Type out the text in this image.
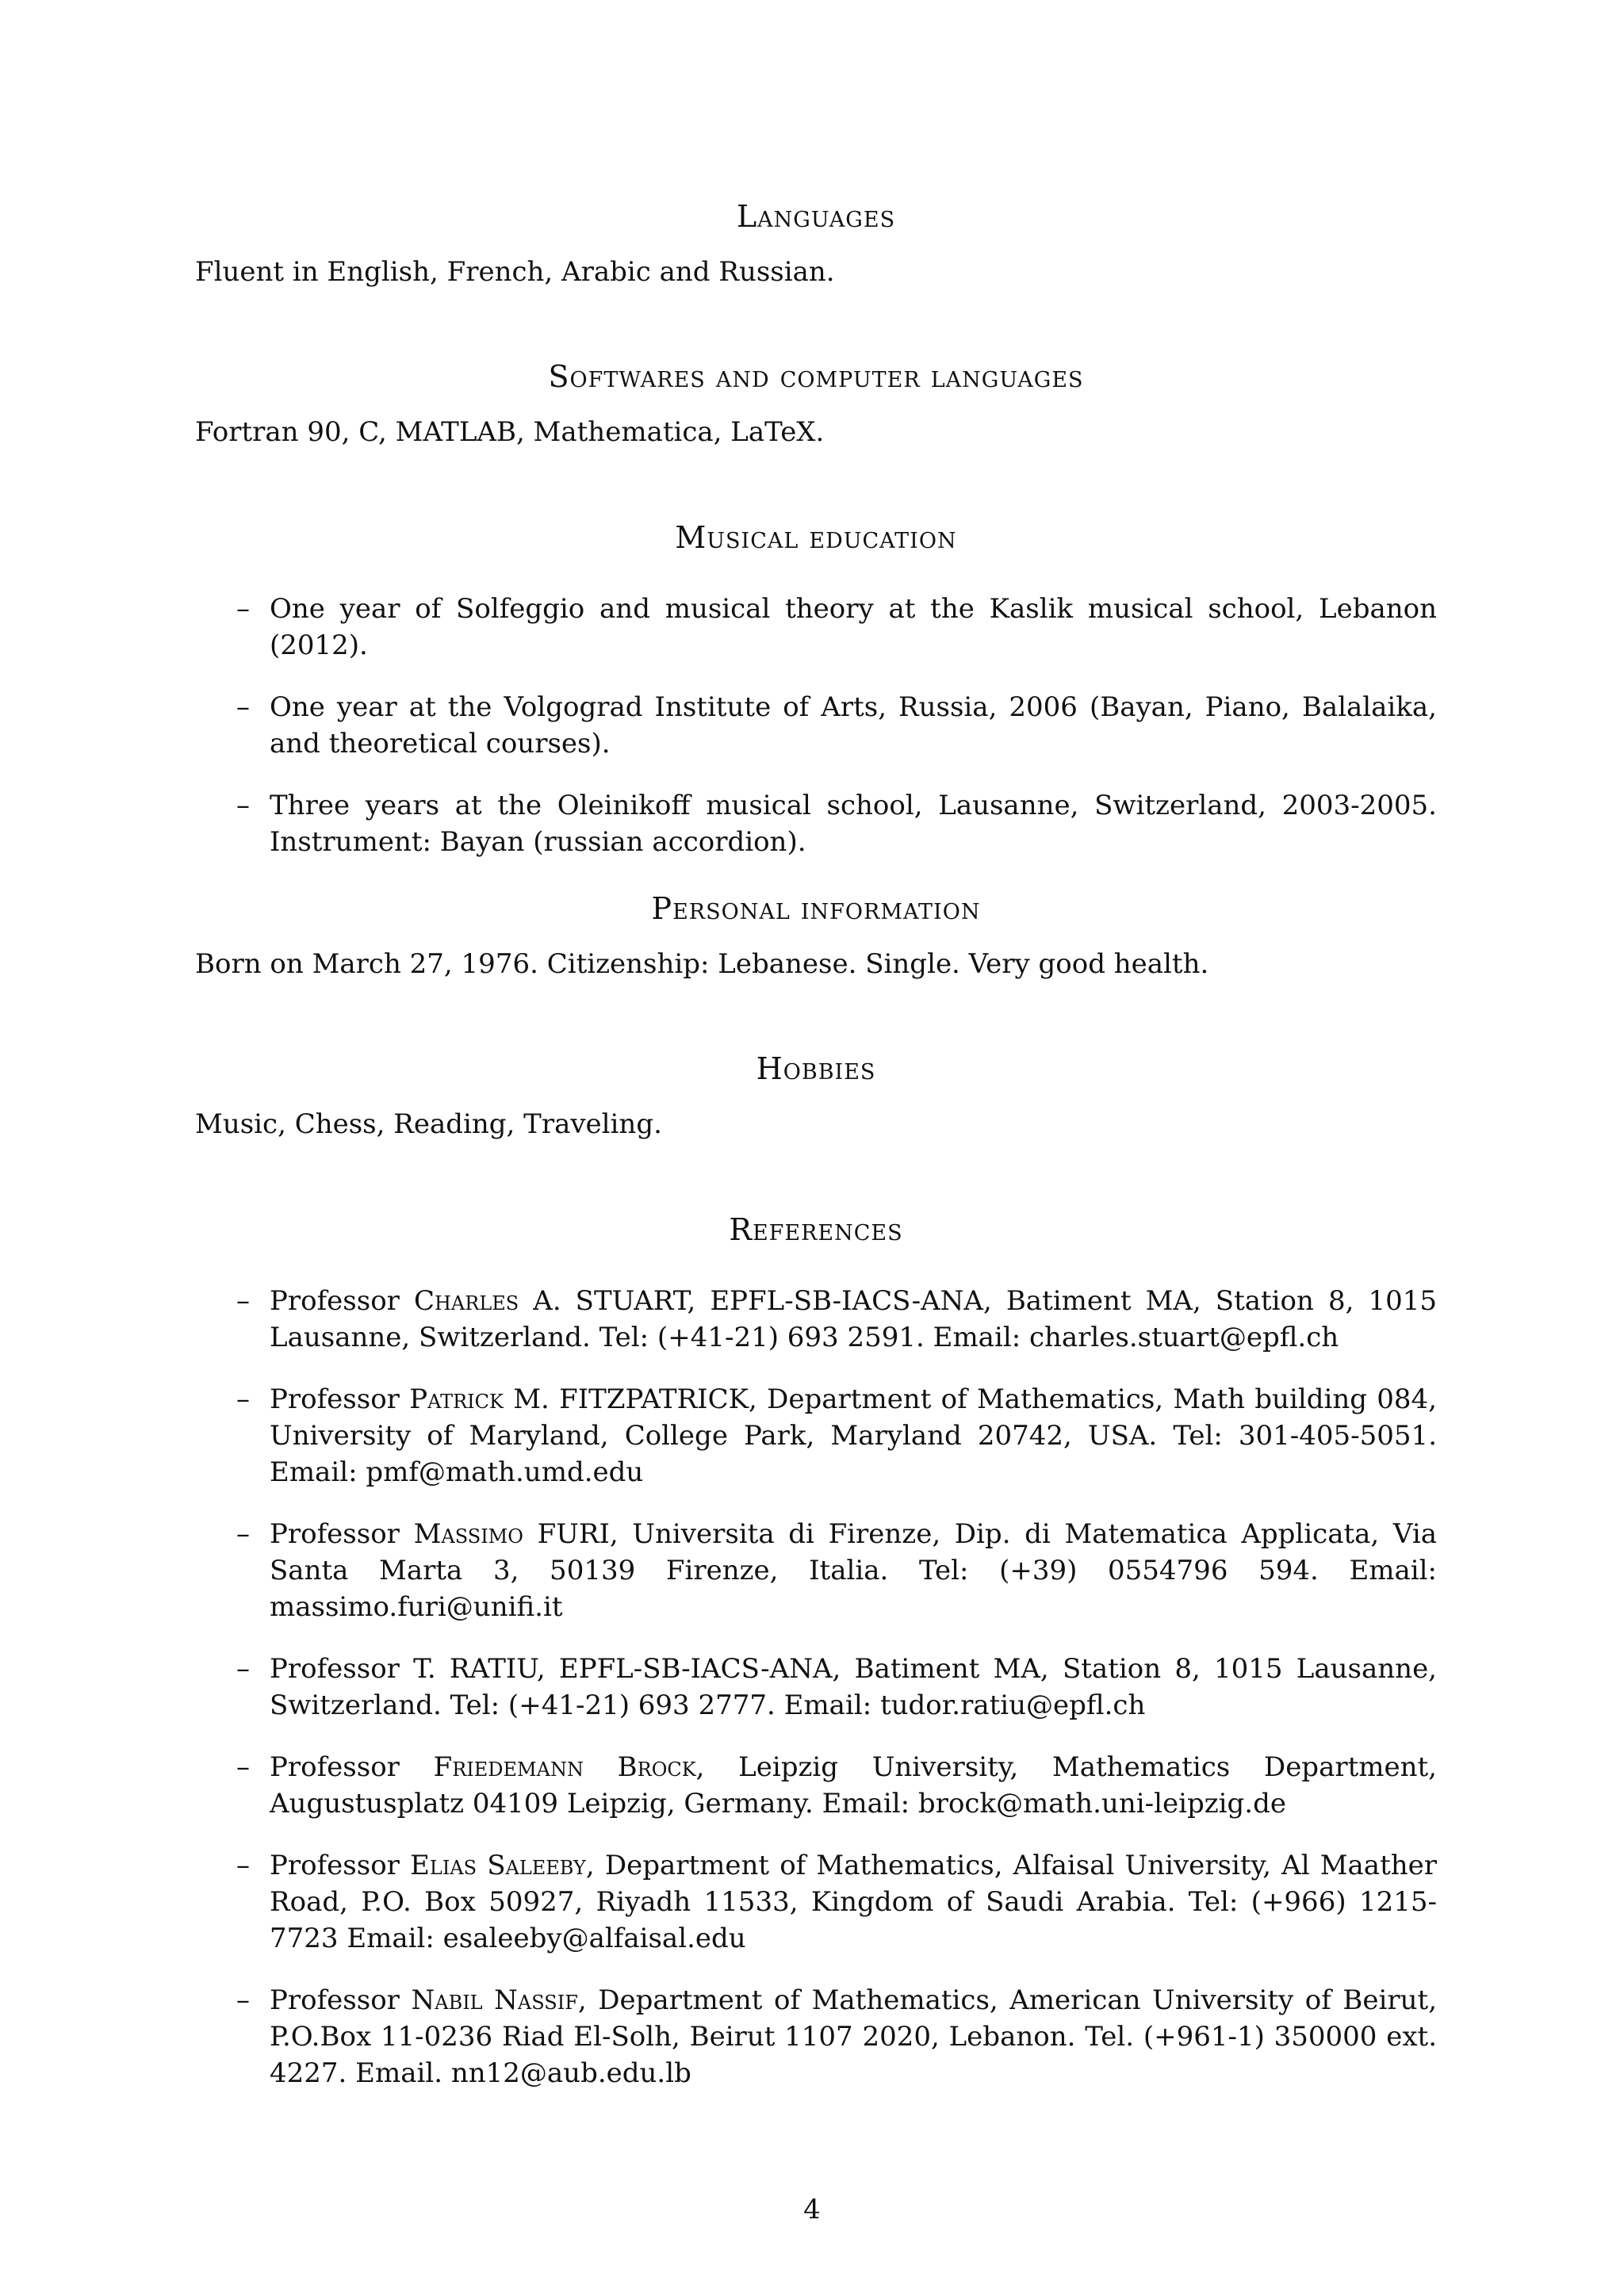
Languages

Fluent in English, French, Arabic and Russian.

Softwares and computer languages

Fortran 90, C, MATLAB, Mathematica, LaTeX.

Musical education
– One year of Solfeggio and musical theory at the Kaslik musical school, Lebanon (2012).
– One year at the Volgograd Institute of Arts, Russia, 2006 (Bayan, Piano, Balalaika, and theoretical courses).
– Three years at the Oleinikoff musical school, Lausanne, Switzerland, 2003-2005. Instrument: Bayan (russian accordion).
Personal information

Born on March 27, 1976. Citizenship: Lebanese. Single. Very good health.

Hobbies

Music, Chess, Reading, Traveling.

References
– Professor Charles A. STUART, EPFL-SB-IACS-ANA, Batiment MA, Station 8, 1015 Lausanne, Switzerland. Tel: (+41-21) 693 2591. Email: charles.stuart@epfl.ch
– Professor Patrick M. FITZPATRICK, Department of Mathematics, Math building 084, University of Maryland, College Park, Maryland 20742, USA. Tel: 301-405-5051. Email: pmf@math.umd.edu
– Professor Massimo FURI, Universita di Firenze, Dip. di Matematica Applicata, Via Santa Marta 3, 50139 Firenze, Italia. Tel: (+39) 0554796 594. Email: massimo.furi@unifi.it
– Professor T. RATIU, EPFL-SB-IACS-ANA, Batiment MA, Station 8, 1015 Lausanne, Switzerland. Tel: (+41-21) 693 2777. Email: tudor.ratiu@epfl.ch
– Professor Friedemann Brock, Leipzig University, Mathematics Department, Augustusplatz 04109 Leipzig, Germany. Email: brock@math.uni-leipzig.de
– Professor Elias Saleeby, Department of Mathematics, Alfaisal University, Al Maather Road, P.O. Box 50927, Riyadh 11533, Kingdom of Saudi Arabia. Tel: (+966) 1215-7723 Email: esaleeby@alfaisal.edu
– Professor Nabil Nassif, Department of Mathematics, American University of Beirut, P.O.Box 11-0236 Riad El-Solh, Beirut 1107 2020, Lebanon. Tel. (+961-1) 350000 ext. 4227. Email. nn12@aub.edu.lb
4
